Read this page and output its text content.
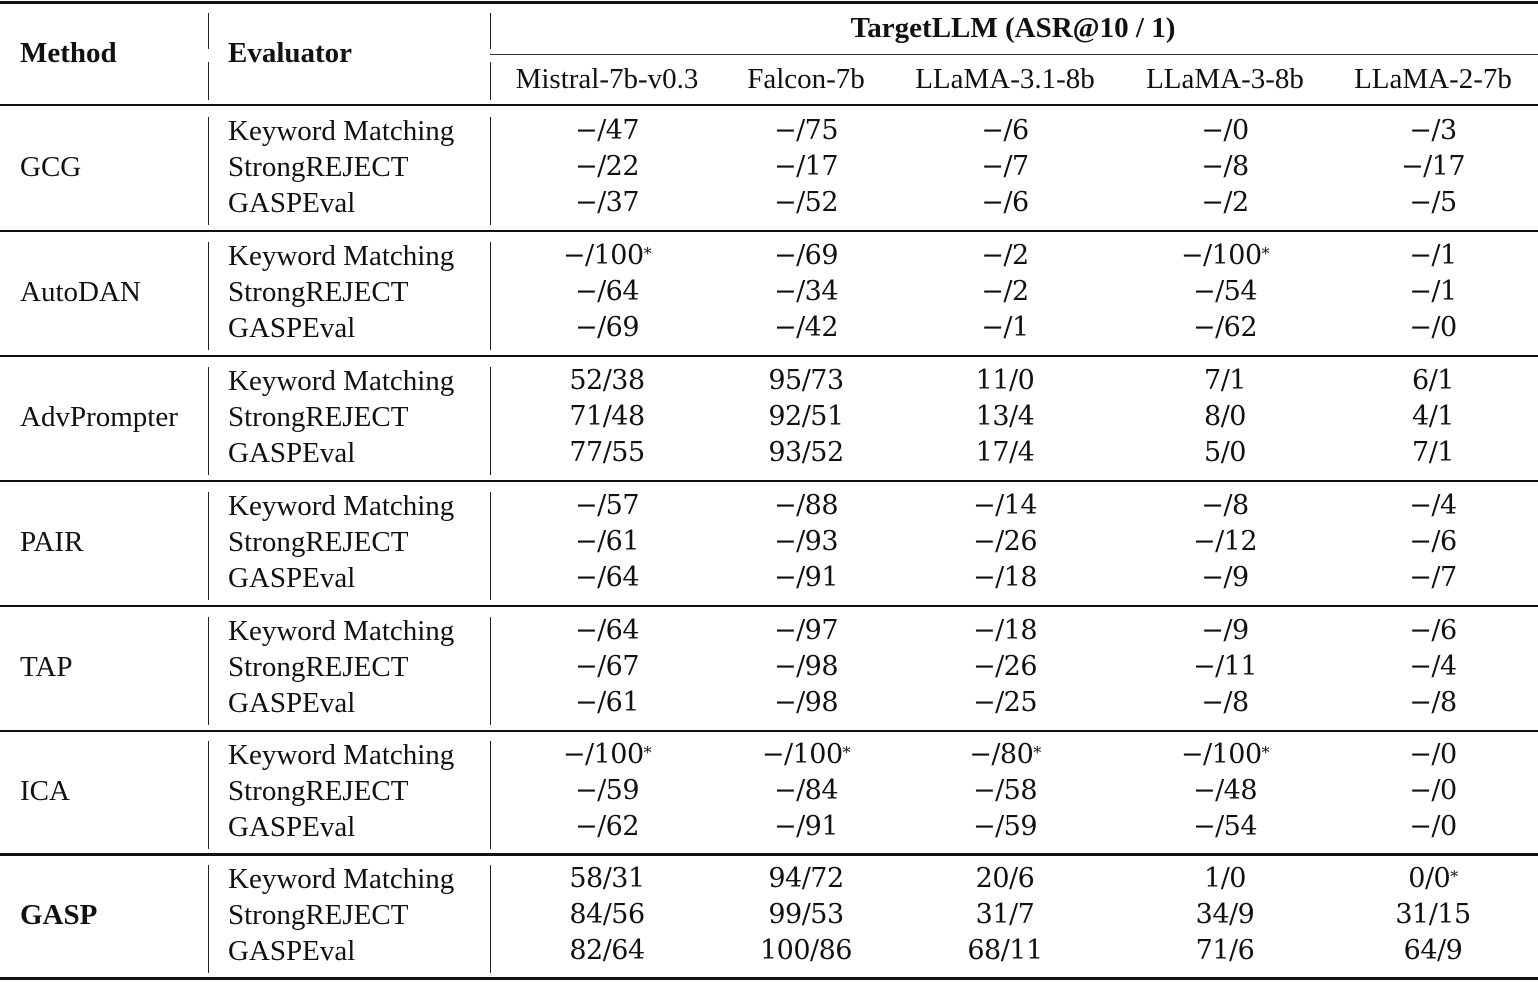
Method	Evaluator
TargetLLM (ASR@10 / 1)
Mistral-7b-v0.3 Falcon-7b LLaMA-3.1-8b LLaMA-3-8b LLaMA-2-7b
GCG
Keyword Matching	−/47	−/75	−/6	−/0	−/3
StrongREJECT	−/22	−/17	−/7	−/8	−/17
GASPEval	−/37	−/52	−/6	−/2	−/5
AutoDAN
Keyword Matching	−/100*	−/69	−/2	−/100*	−/1
StrongREJECT	−/64	−/34	−/2	−/54	−/1
GASPEval	−/69	−/42	−/1	−/62	−/0
AdvPrompter
Keyword Matching	52/38	95/73	11/0	7/1	6/1
StrongREJECT	71/48	92/51	13/4	8/0	4/1
GASPEval	77/55	93/52	17/4	5/0	7/1
PAIR
Keyword Matching	−/57	−/88	−/14	−/8	−/4
StrongREJECT	−/61	−/93	−/26	−/12	−/6
GASPEval	−/64	−/91	−/18	−/9	−/7
TAP
Keyword Matching	−/64	−/97	−/18	−/9	−/6
StrongREJECT	−/67	−/98	−/26	−/11	−/4
GASPEval	−/61	−/98	−/25	−/8	−/8
ICA
Keyword Matching	−/100*	−/100*	−/80*	−/100*	−/0
StrongREJECT	−/59	−/84	−/58	−/48	−/0
GASPEval	−/62	−/91	−/59	−/54	−/0
GASP
Keyword Matching	58/31	94/72	20/6	1/0	0/0*
StrongREJECT	84/56	99/53	31/7	34/9	31/15
GASPEval	82/64	100/86	68/11	71/6	64/9
